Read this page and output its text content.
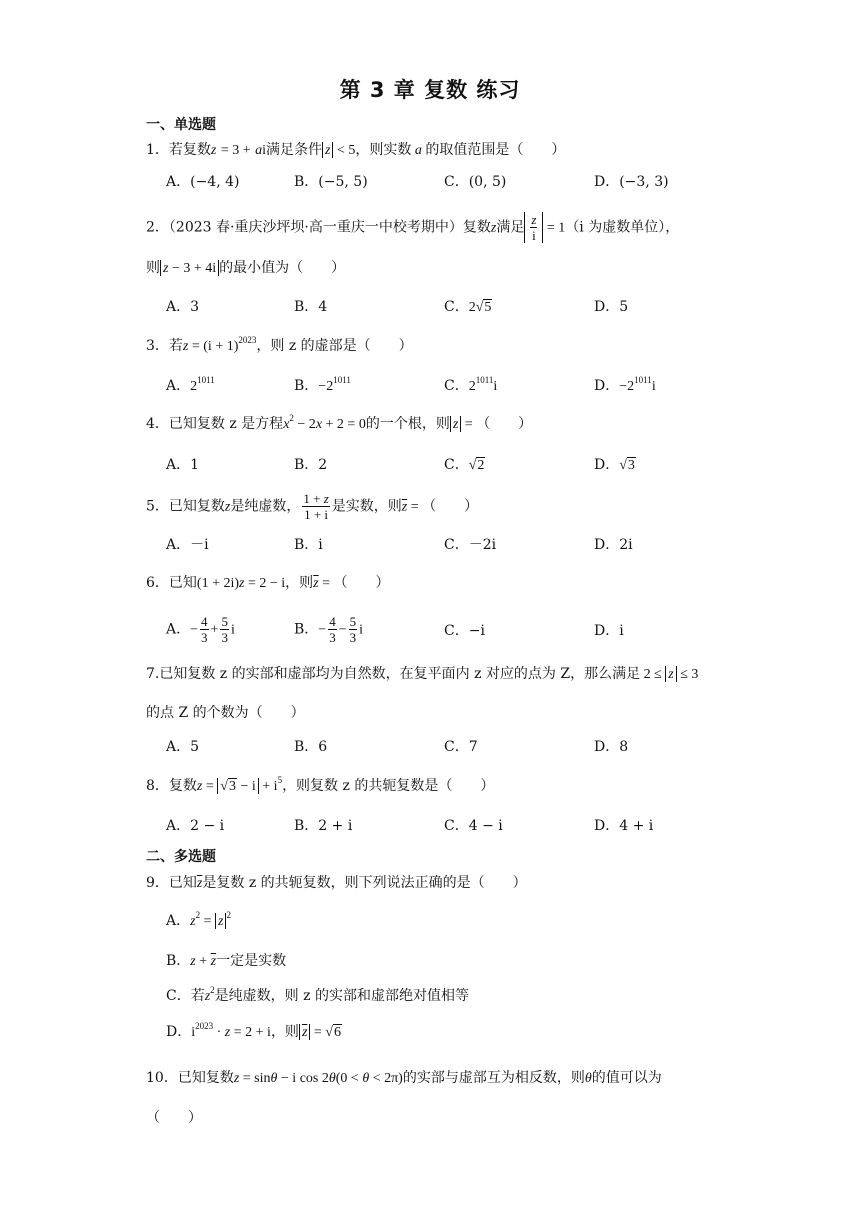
第 3 章 复数 练习
一、单选题
1．若复数z = 3 + ai满足条件 z < 5，则实数 a 的取值范围是（　　）
A．(−4, 4)	B．(−5, 5)	C．(0, 5)	D．(−3, 3)
2．（2023 春·重庆沙坪坝·高一重庆一中校考期中）复数z满足 $\frac{z}{i} = 1(i$ 为虚数单位），
则 z − 3 + 4i 的最小值为（　　）
A．3	B．4	C．2√5	D．5
3．若$z = (i + 1)^{2023}$，则 z 的虚部是（　　）
A．$2^{1011}$	B．$-2^{1011}$	C．$2^{1011}i$	D．$-2^{1011}i$
4．已知复数 z 是方程$x^2 - 2x + 2 = 0$的一个根，则 z = （　　）
A．1	B．2	C．√2	D．√3
5．已知复数z是纯虚数， $\frac{1 + z}{1 + i}$ 是实数，则$\overline{z}$ = （　　）
A．－i	B．i	C．－2i	D．2i
6．已知(1 + 2i)z = 2 − i，则$\overline{z}$ = （　　）
A．− $\frac{4}{3} + \frac{5}{3}$ i	B．− $\frac{4}{3} - \frac{5}{3}$ i	C．−i	D．i
7.已知复数 z 的实部和虚部均为自然数，在复平面内 z 对应的点为 Z，那么满足 2 ≤ z ≤ 3
的点 Z 的个数为（　　）
A．5	B．6	C．7	D．8
8．复数$z = √3 - i + i^5$，则复数 z 的共轭复数是（　　）
A．2 − i	B．2 + i	C．4 − i	D．4 + i
二、多选题
9．已知$\overline{z}$是复数 z 的共轭复数，则下列说法正确的是（　　）
A．$z^2 = z$ $^2$
B．$z + \overline{z}$一定是实数
C．若$z^2$是纯虚数，则 z 的实部和虚部绝对值相等
D．$i^{2023} \cdot z = 2 + i$，则 $\overline{z} = √6$
10．已知复数z = sinθ − i cos 2θ(0 < θ < 2π)的实部与虚部互为相反数，则θ的值可以为
（　　）
